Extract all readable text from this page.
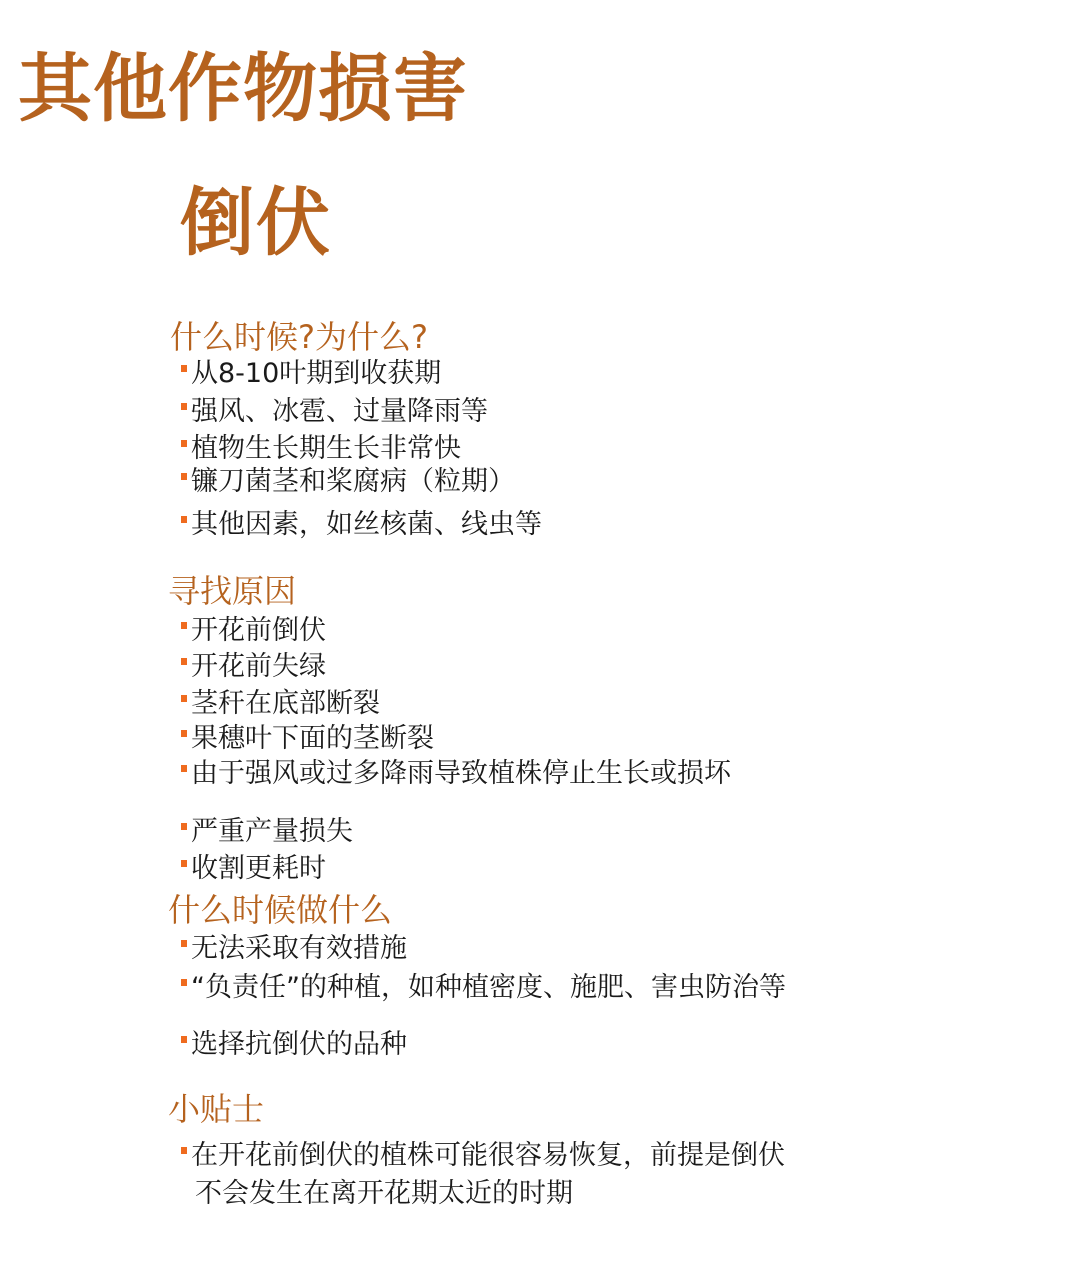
其他作物损害
倒伏
什么时候?为什么?
从8-10叶期到收获期
强风、冰雹、过量降雨等
植物生长期生长非常快
镰刀菌茎和桨腐病（粒期）
其他因素，如丝核菌、线虫等
寻找原因
开花前倒伏
开花前失绿
茎秆在底部断裂
果穗叶下面的茎断裂
由于强风或过多降雨导致植株停止生长或损坏
严重产量损失
收割更耗时
什么时候做什么
无法采取有效措施
“负责任”的种植，如种植密度、施肥、害虫防治等
选择抗倒伏的品种
小贴士
在开花前倒伏的植株可能很容易恢复，前提是倒伏
不会发生在离开花期太近的时期
